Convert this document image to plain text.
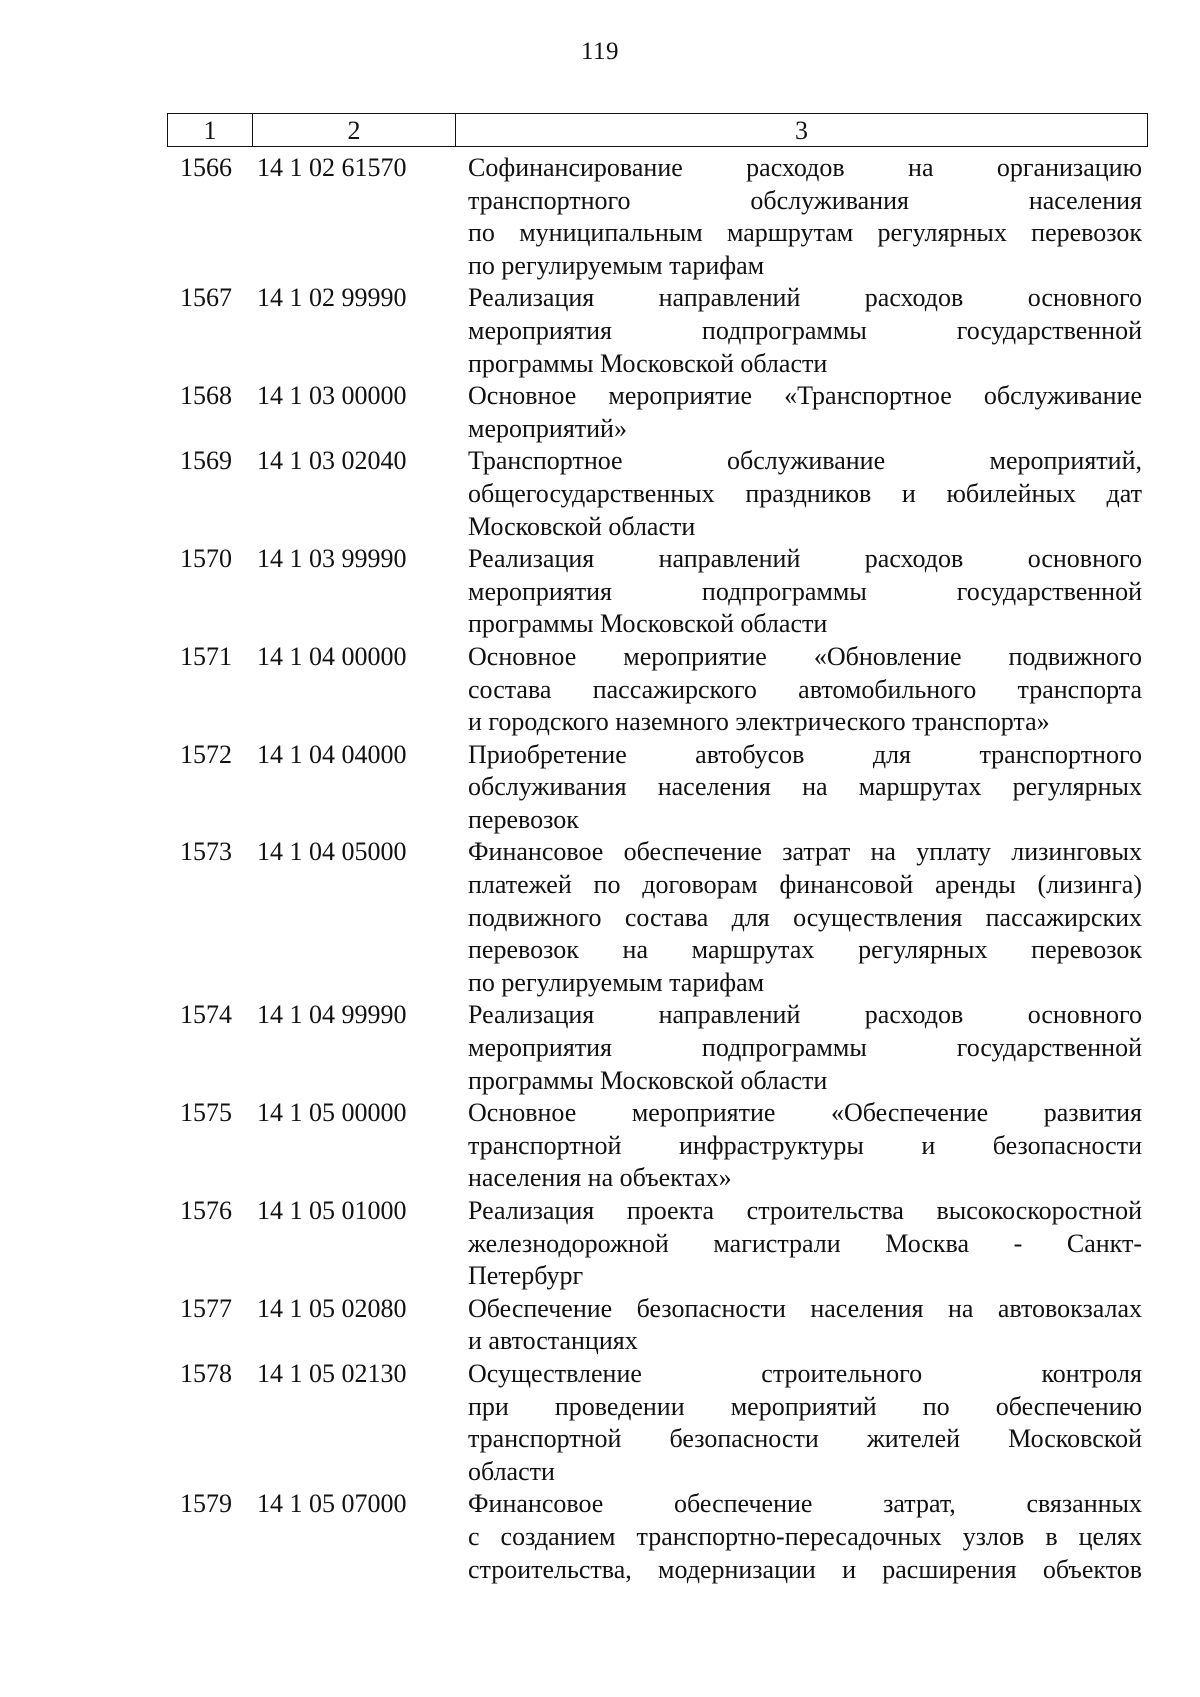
119
1	2	3
1566 14 1 02 61570	Софинансирование расходов на организацию
транспортного обслуживания населения
по муниципальным маршрутам регулярных перевозок
по регулируемым тарифам
1567 14 1 02 99990	Реализация направлений расходов основного
мероприятия подпрограммы государственной
программы Московской области
1568 14 1 03 00000	Основное мероприятие «Транспортное обслуживание
мероприятий»
1569 14 1 03 02040	Транспортное обслуживание мероприятий,
общегосударственных праздников и юбилейных дат
Московской области
1570 14 1 03 99990	Реализация направлений расходов основного
мероприятия подпрограммы государственной
программы Московской области
1571 14 1 04 00000	Основное мероприятие «Обновление подвижного
состава пассажирского автомобильного транспорта
и городского наземного электрического транспорта»
1572 14 1 04 04000	Приобретение автобусов для транспортного
обслуживания населения на маршрутах регулярных
перевозок
1573 14 1 04 05000	Финансовое обеспечение затрат на уплату лизинговых
платежей по договорам финансовой аренды (лизинга)
подвижного состава для осуществления пассажирских
перевозок на маршрутах регулярных перевозок
по регулируемым тарифам
1574 14 1 04 99990	Реализация направлений расходов основного
мероприятия подпрограммы государственной
программы Московской области
1575 14 1 05 00000	Основное мероприятие «Обеспечение развития
транспортной инфраструктуры и безопасности
населения на объектах»
1576 14 1 05 01000	Реализация проекта строительства высокоскоростной
железнодорожной магистрали Москва - Санкт-
Петербург
1577 14 1 05 02080	Обеспечение безопасности населения на автовокзалах
и автостанциях
1578 14 1 05 02130	Осуществление строительного контроля
при проведении мероприятий по обеспечению
транспортной безопасности жителей Московской
области
1579 14 1 05 07000	Финансовое обеспечение затрат, связанных
с созданием транспортно-пересадочных узлов в целях
строительства, модернизации и расширения объектов
